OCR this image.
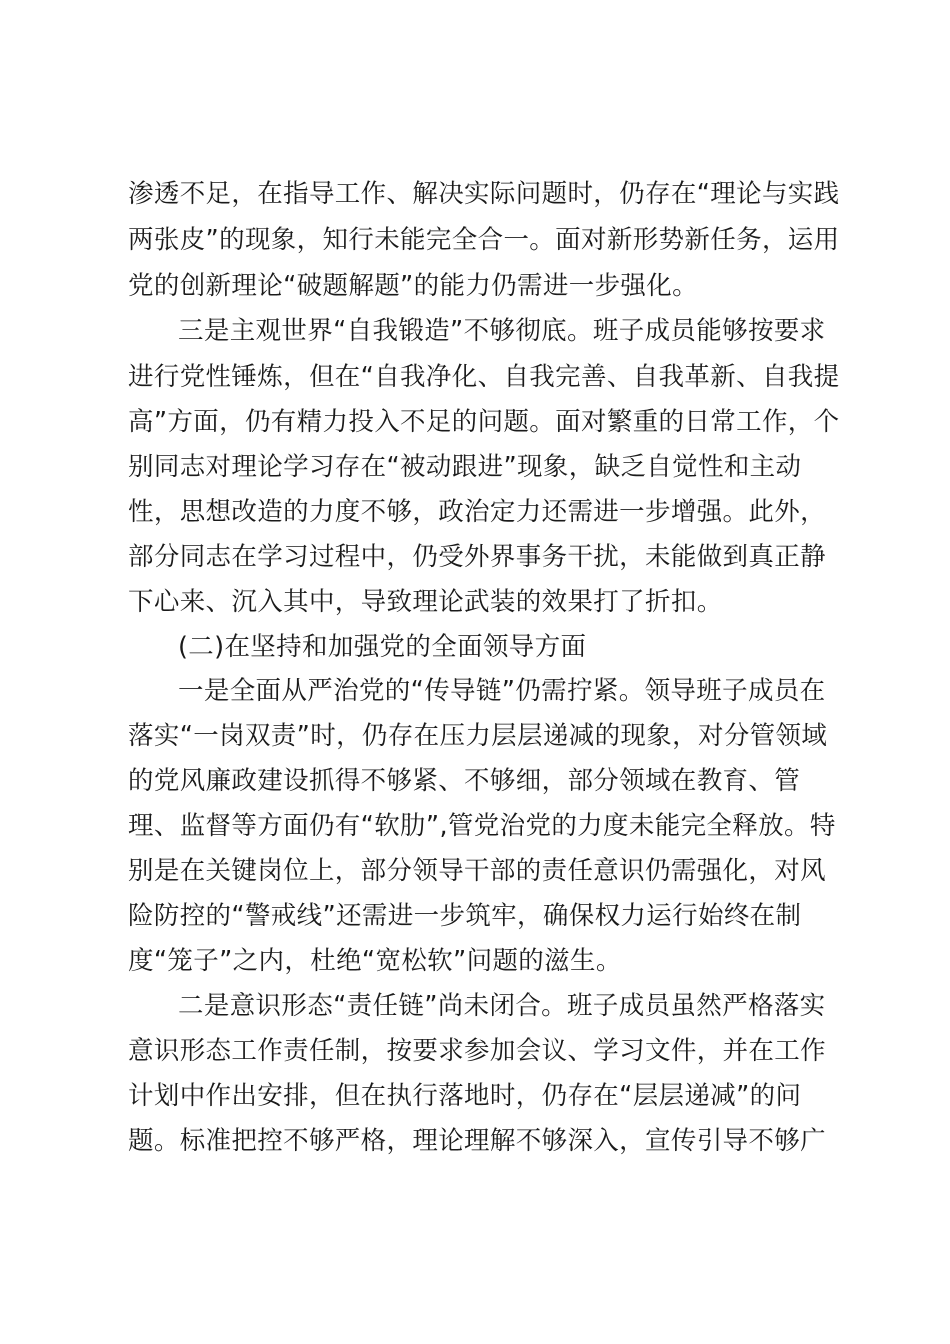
渗透不足，在指导工作、解决实际问题时，仍存在“理论与实践
两张皮”的现象，知行未能完全合一。面对新形势新任务，运用
党的创新理论“破题解题”的能力仍需进一步强化。
三是主观世界“自我锻造”不够彻底。班子成员能够按要求
进行党性锤炼，但在“自我净化、自我完善、自我革新、自我提
高”方面，仍有精力投入不足的问题。面对繁重的日常工作，个
别同志对理论学习存在“被动跟进”现象，缺乏自觉性和主动
性，思想改造的力度不够，政治定力还需进一步增强。此外，
部分同志在学习过程中，仍受外界事务干扰，未能做到真正静
下心来、沉入其中，导致理论武装的效果打了折扣。
(二)在坚持和加强党的全面领导方面
一是全面从严治党的“传导链”仍需拧紧。领导班子成员在
落实“一岗双责”时，仍存在压力层层递减的现象，对分管领域
的党风廉政建设抓得不够紧、不够细，部分领域在教育、管
理、监督等方面仍有“软肋”,管党治党的力度未能完全释放。特
别是在关键岗位上，部分领导干部的责任意识仍需强化，对风
险防控的“警戒线”还需进一步筑牢，确保权力运行始终在制
度“笼子”之内，杜绝“宽松软”问题的滋生。
二是意识形态“责任链”尚未闭合。班子成员虽然严格落实
意识形态工作责任制，按要求参加会议、学习文件，并在工作
计划中作出安排，但在执行落地时，仍存在“层层递减”的问
题。标准把控不够严格，理论理解不够深入，宣传引导不够广
